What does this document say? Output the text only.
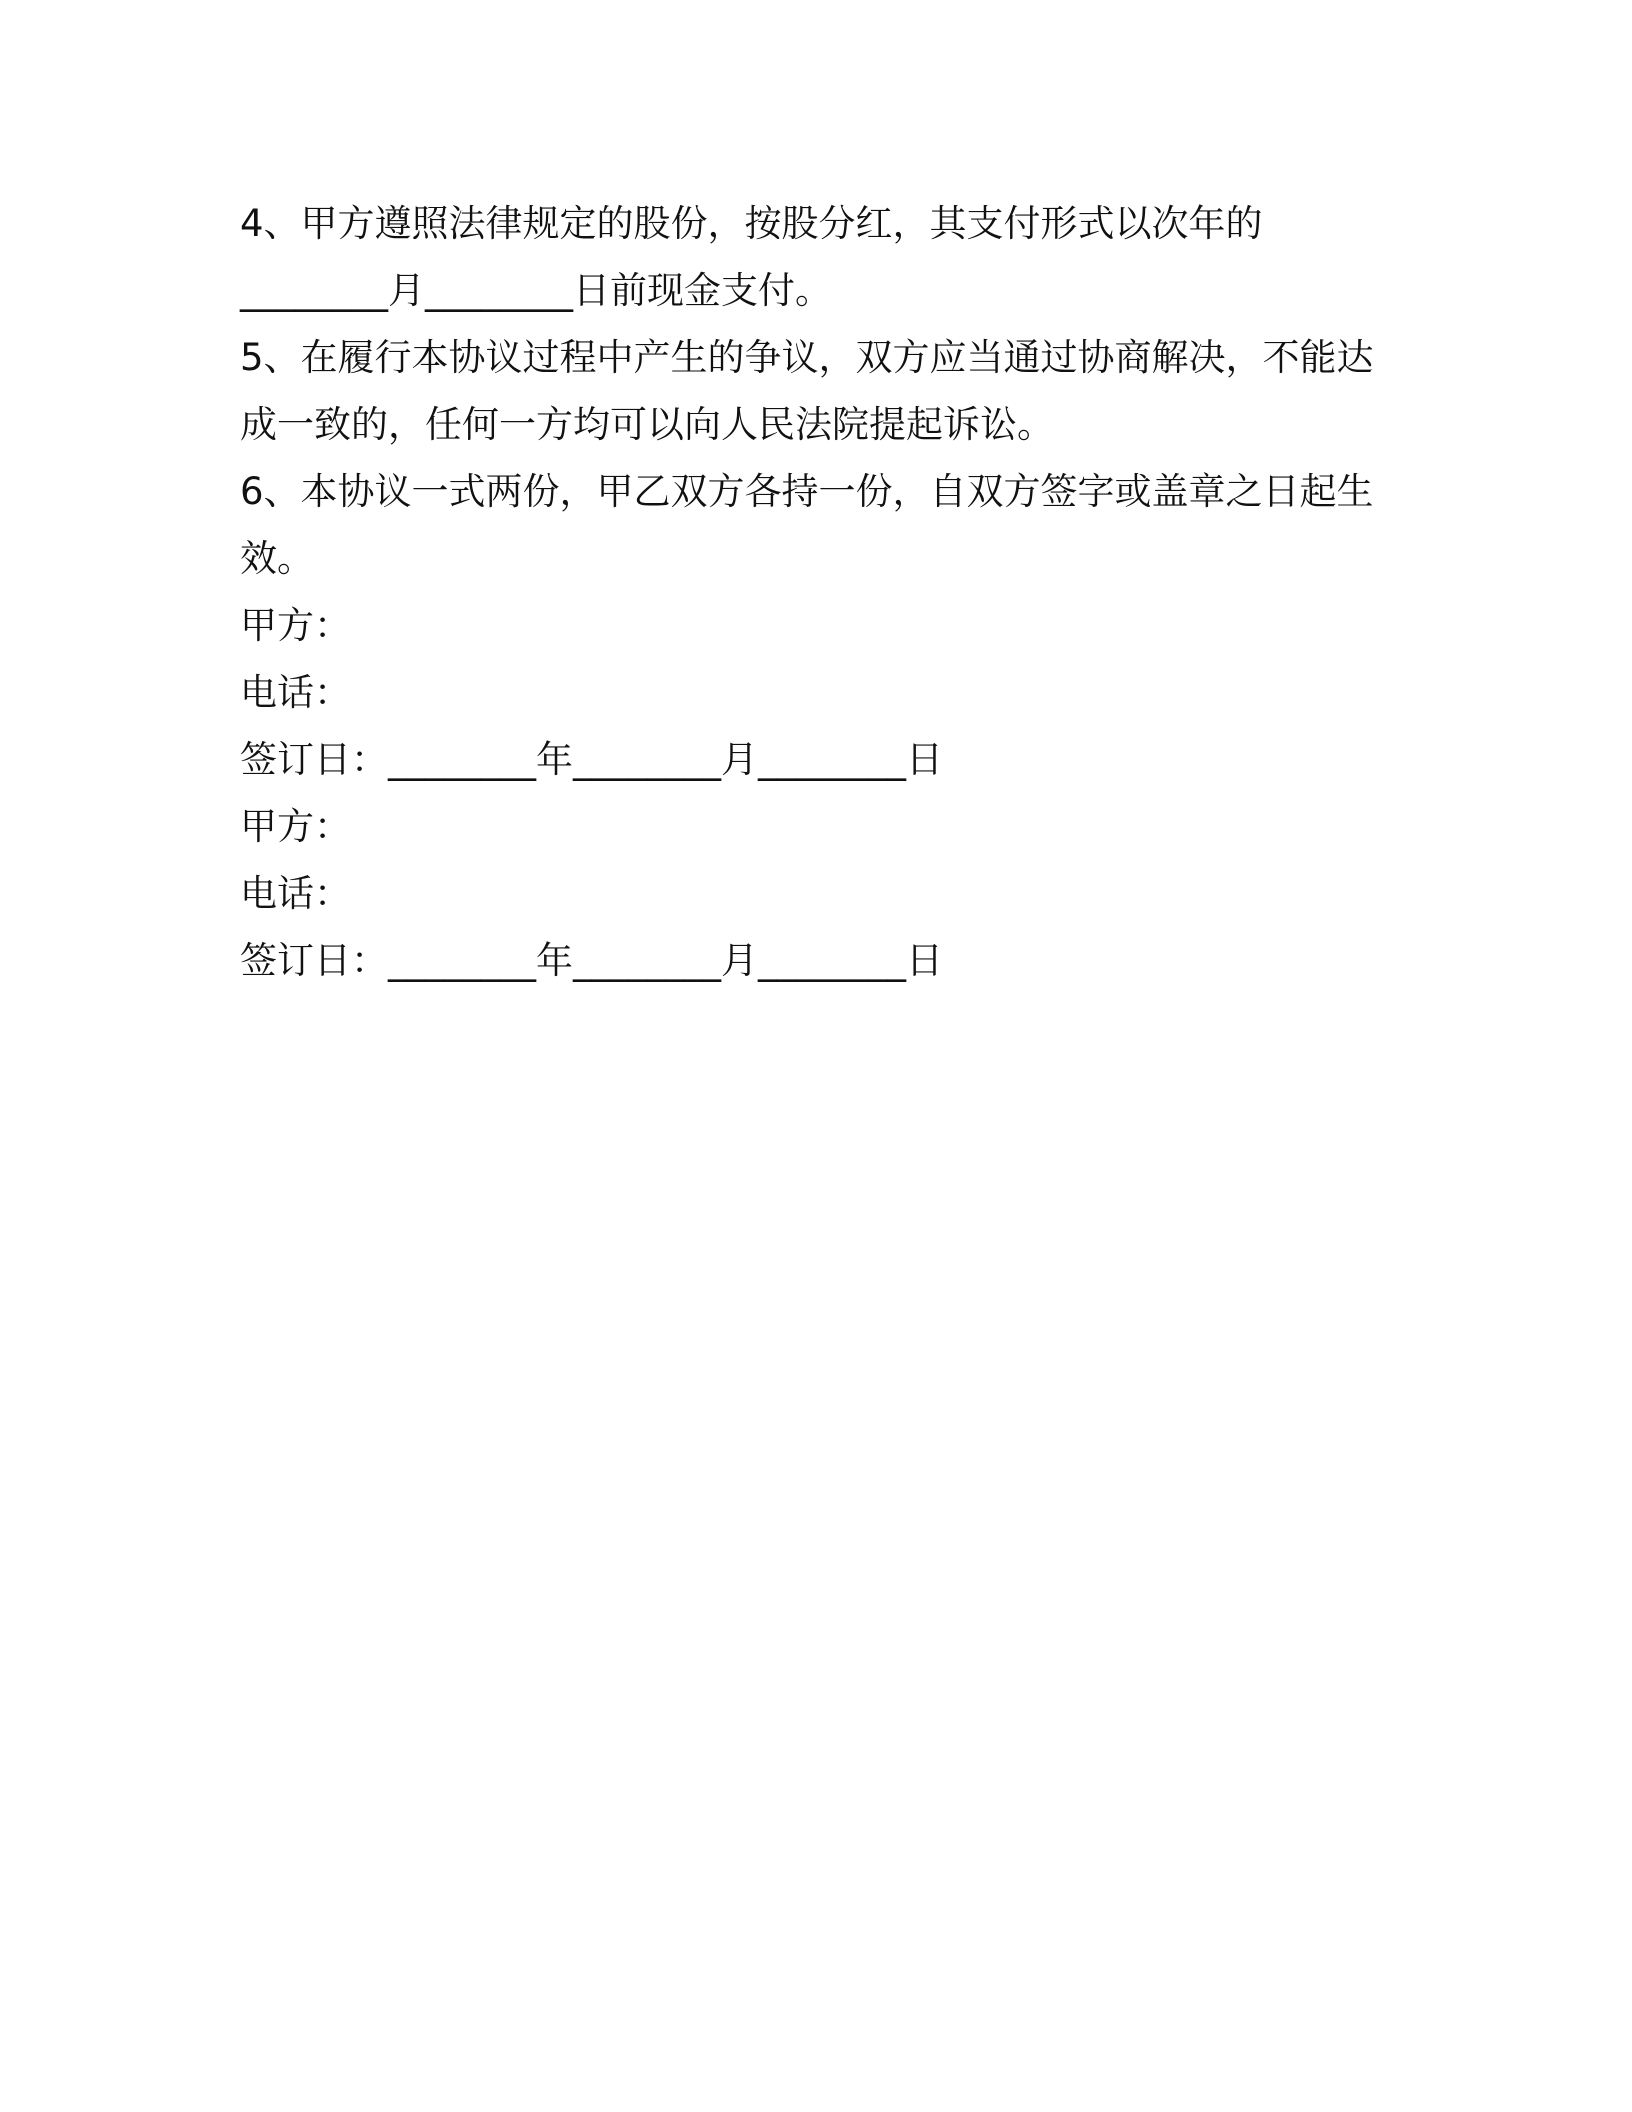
4、甲方遵照法律规定的股份，按股分红，其支付形式以次年的
________月________日前现金支付。
5、在履行本协议过程中产生的争议，双方应当通过协商解决，不能达
成一致的，任何一方均可以向人民法院提起诉讼。
6、本协议一式两份，甲乙双方各持一份，自双方签字或盖章之日起生
效。
甲方：
电话：
签订日：________年________月________日
甲方：
电话：
签订日：________年________月________日
